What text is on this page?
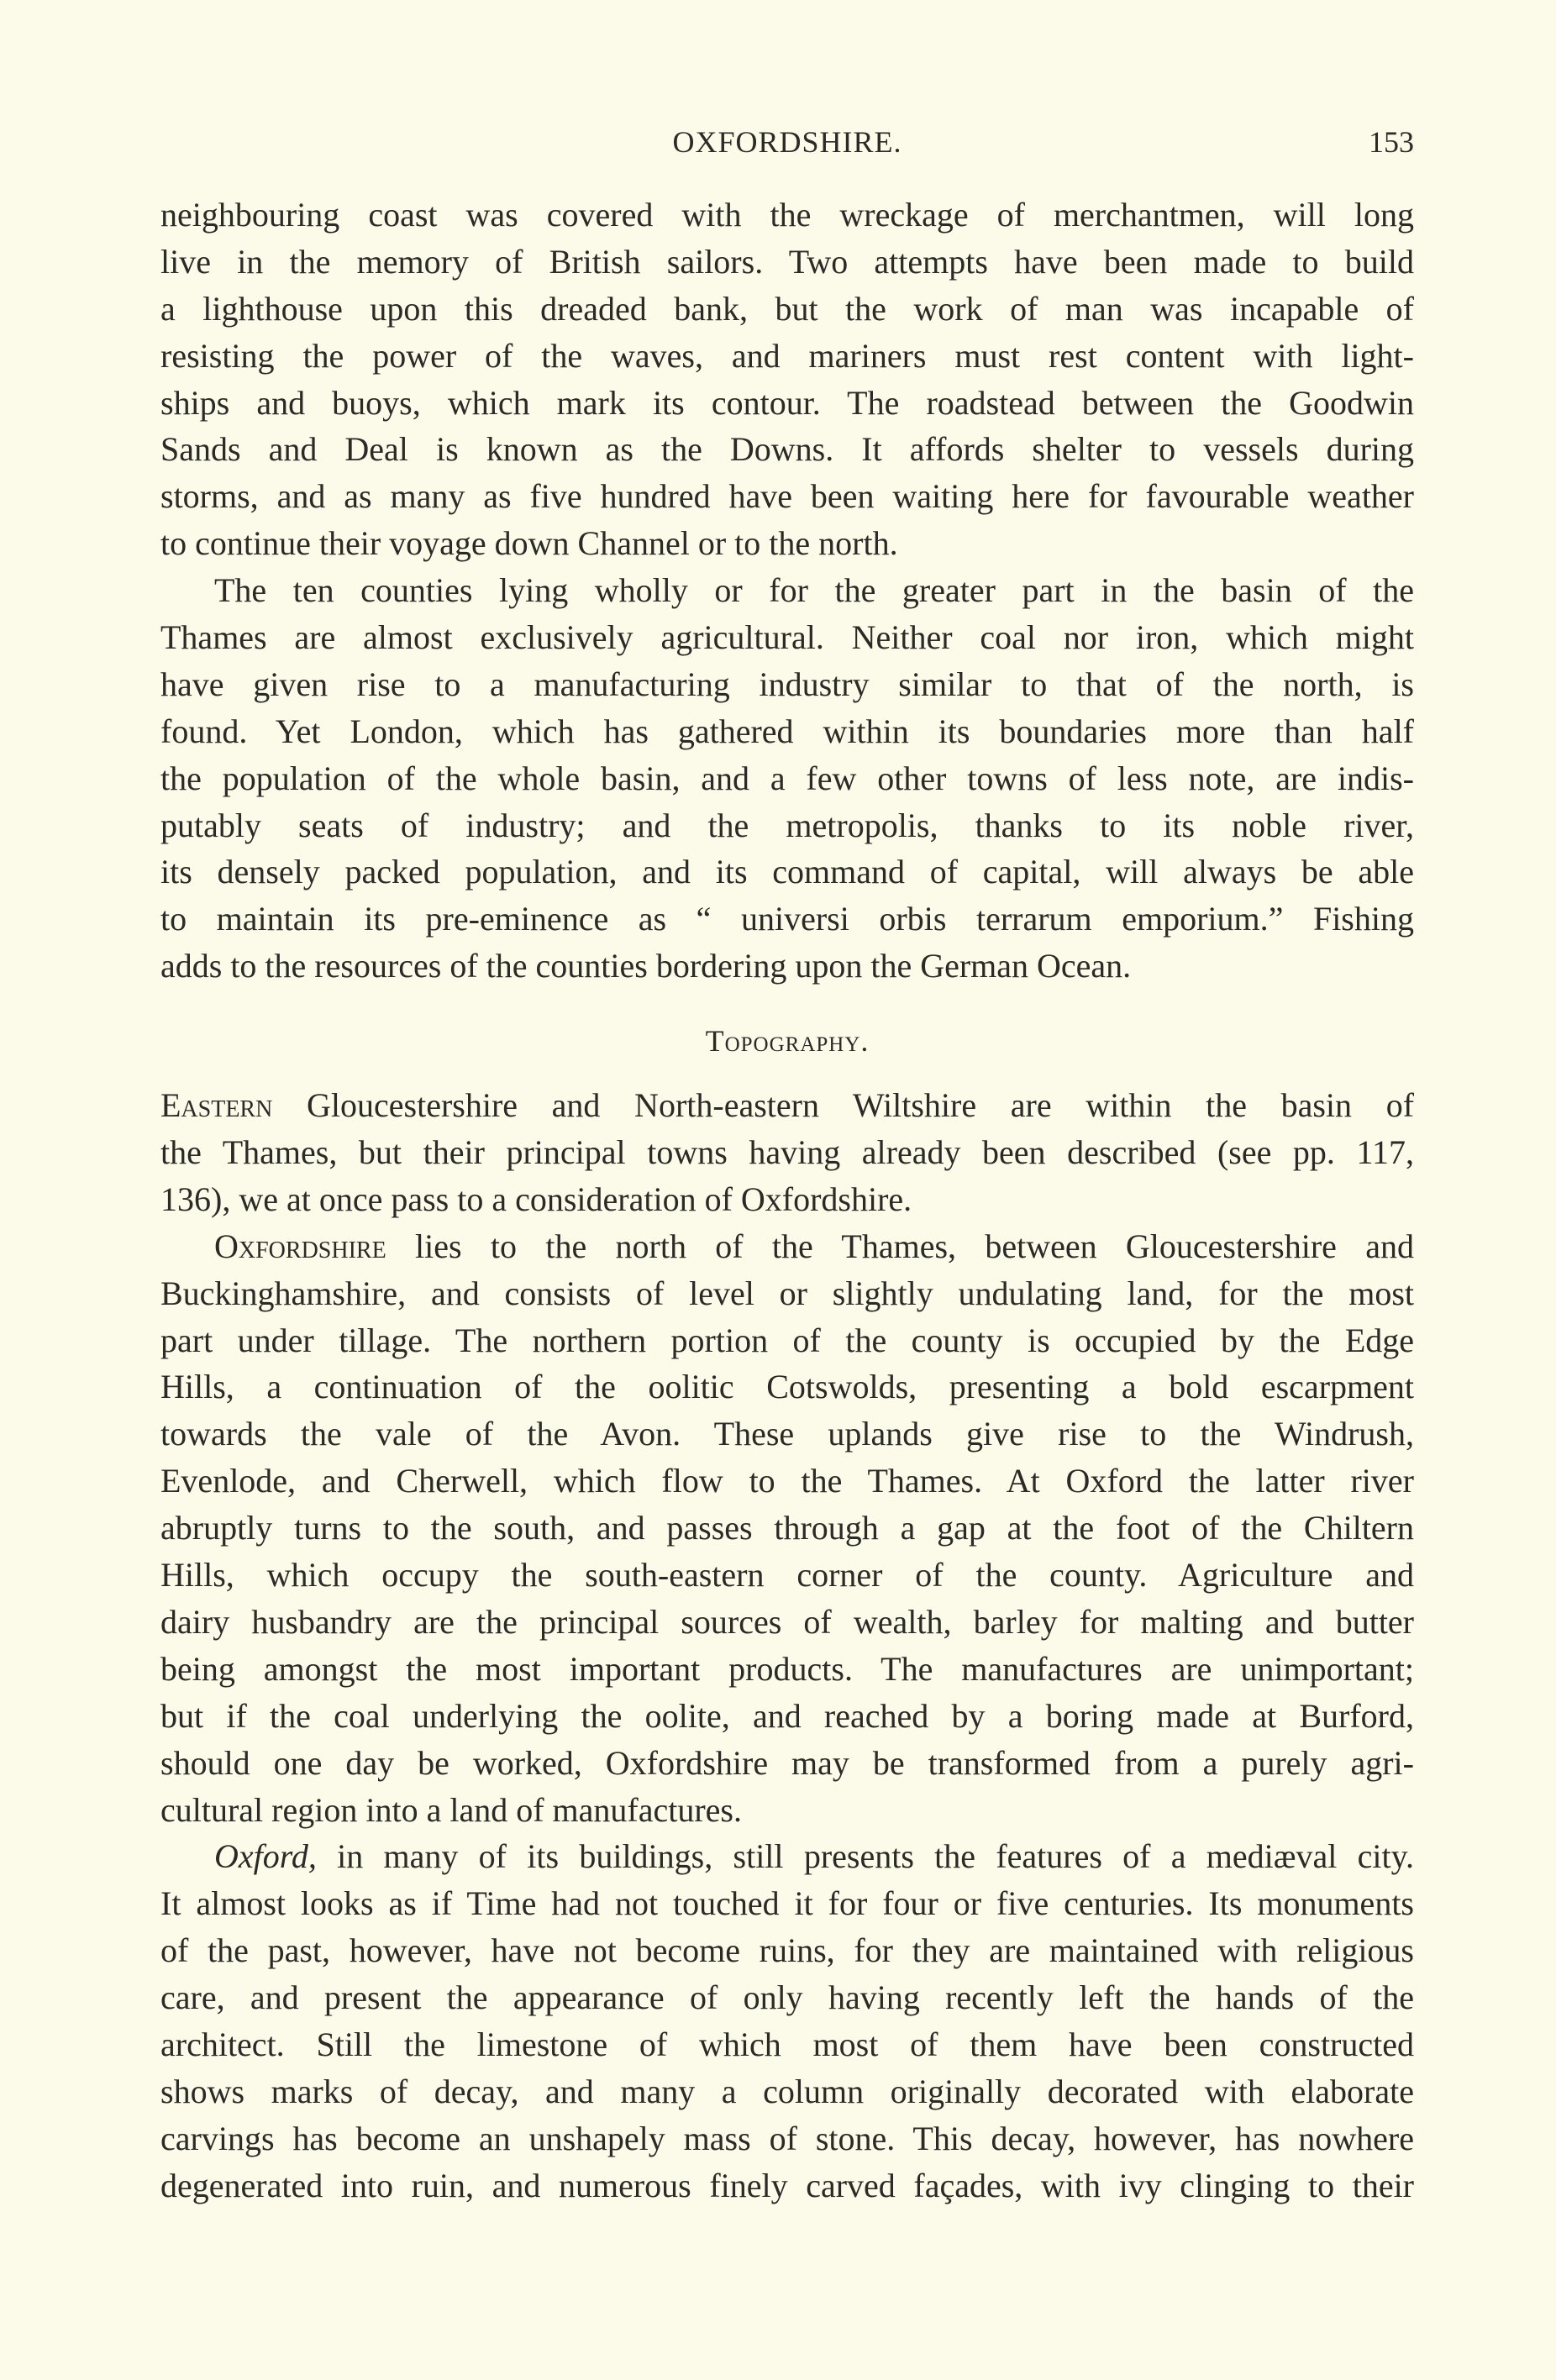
OXFORDSHIRE.	153
neighbouring coast was covered with the wreckage of merchantmen, will long
live in the memory of British sailors. Two attempts have been made to build
a lighthouse upon this dreaded bank, but the work of man was incapable of
resisting the power of the waves, and mariners must rest content with light-
ships and buoys, which mark its contour. The roadstead between the Goodwin
Sands and Deal is known as the Downs. It affords shelter to vessels during
storms, and as many as five hundred have been waiting here for favourable weather
to continue their voyage down Channel or to the north.
The ten counties lying wholly or for the greater part in the basin of the
Thames are almost exclusively agricultural. Neither coal nor iron, which might
have given rise to a manufacturing industry similar to that of the north, is
found. Yet London, which has gathered within its boundaries more than half
the population of the whole basin, and a few other towns of less note, are indis-
putably seats of industry; and the metropolis, thanks to its noble river,
its densely packed population, and its command of capital, will always be able
to maintain its pre-eminence as “ universi orbis terrarum emporium.” Fishing
adds to the resources of the counties bordering upon the German Ocean.
Topography.
Eastern Gloucestershire and North-eastern Wiltshire are within the basin of
the Thames, but their principal towns having already been described (see pp. 117,
136), we at once pass to a consideration of Oxfordshire.
Oxfordshire lies to the north of the Thames, between Gloucestershire and
Buckinghamshire, and consists of level or slightly undulating land, for the most
part under tillage. The northern portion of the county is occupied by the Edge
Hills, a continuation of the oolitic Cotswolds, presenting a bold escarpment
towards the vale of the Avon. These uplands give rise to the Windrush,
Evenlode, and Cherwell, which flow to the Thames. At Oxford the latter river
abruptly turns to the south, and passes through a gap at the foot of the Chiltern
Hills, which occupy the south-eastern corner of the county. Agriculture and
dairy husbandry are the principal sources of wealth, barley for malting and butter
being amongst the most important products. The manufactures are unimportant;
but if the coal underlying the oolite, and reached by a boring made at Burford,
should one day be worked, Oxfordshire may be transformed from a purely agri-
cultural region into a land of manufactures.
Oxford, in many of its buildings, still presents the features of a mediæval city.
It almost looks as if Time had not touched it for four or five centuries. Its monuments
of the past, however, have not become ruins, for they are maintained with religious
care, and present the appearance of only having recently left the hands of the
architect. Still the limestone of which most of them have been constructed
shows marks of decay, and many a column originally decorated with elaborate
carvings has become an unshapely mass of stone. This decay, however, has nowhere
degenerated into ruin, and numerous finely carved façades, with ivy clinging to their
